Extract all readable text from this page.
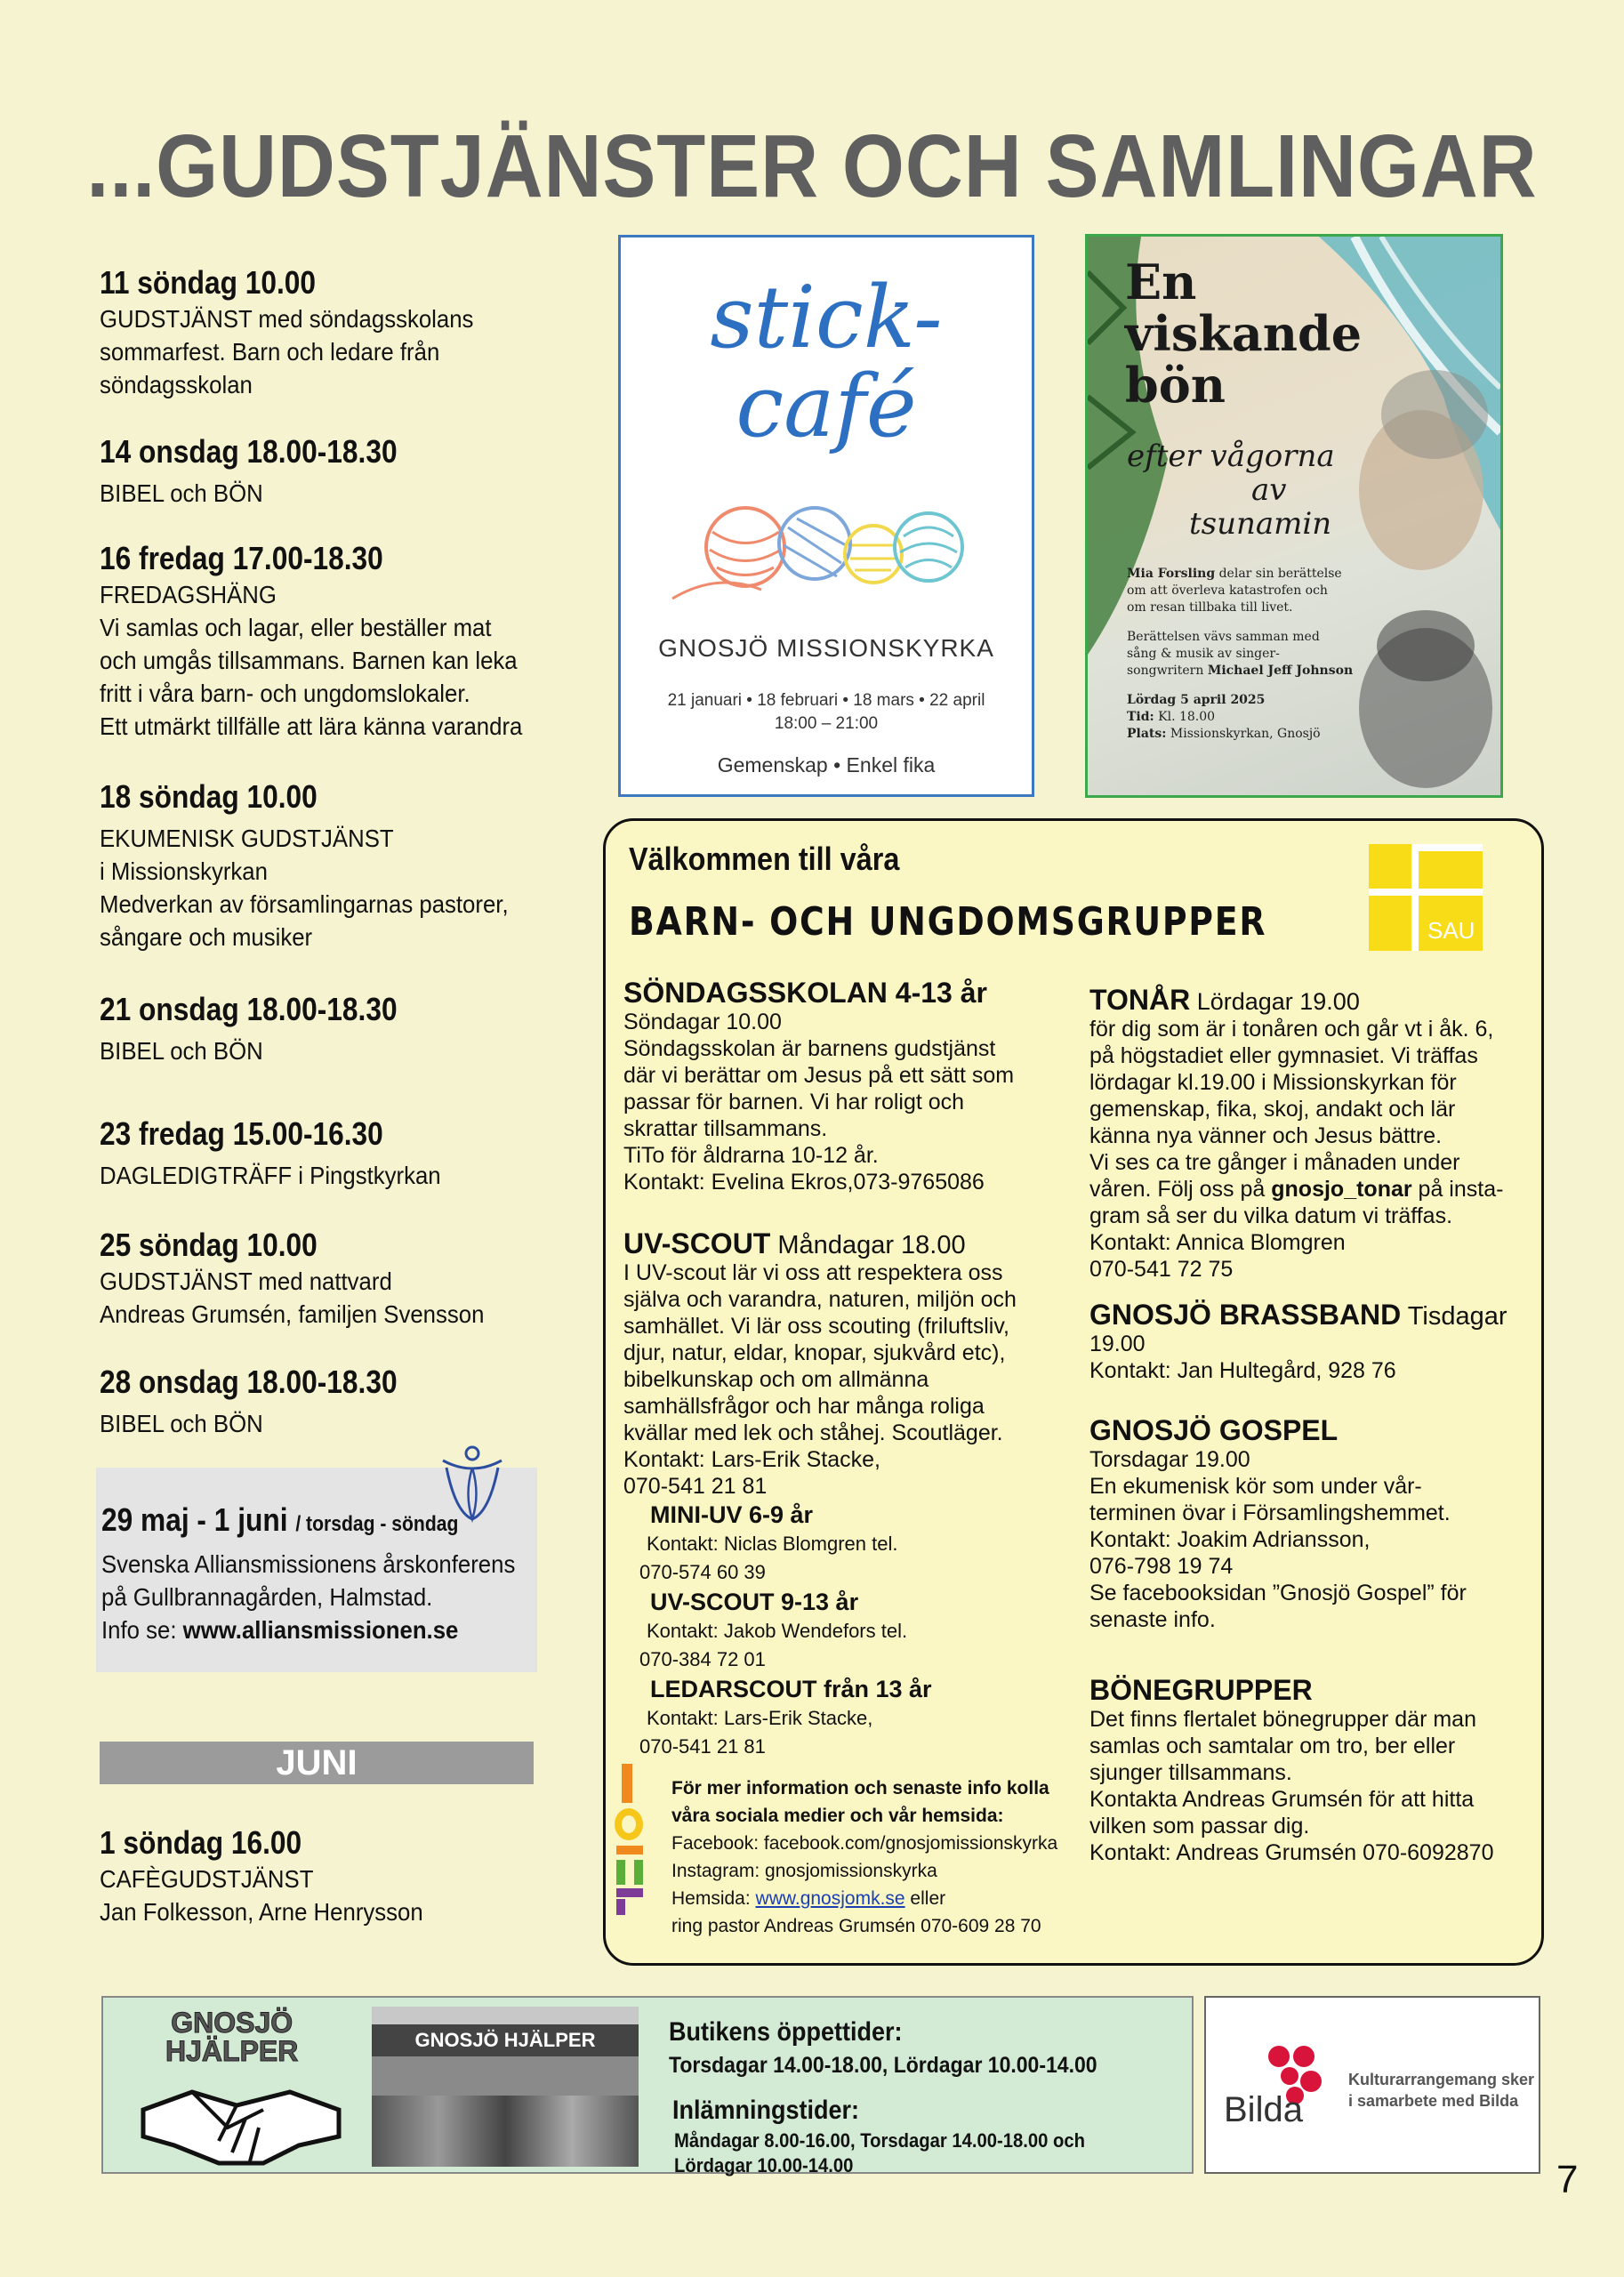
...GUDSTJÄNSTER OCH SAMLINGAR
11 söndag 10.00
GUDSTJÄNST med söndagsskolans
sommarfest. Barn och ledare från
söndagsskolan
14 onsdag 18.00-18.30
BIBEL och BÖN
16 fredag 17.00-18.30
FREDAGSHÄNG
Vi samlas och lagar, eller beställer mat
och umgås tillsammans. Barnen kan leka
fritt i våra barn- och ungdomslokaler.
Ett utmärkt tillfälle att lära känna varandra
18 söndag 10.00
EKUMENISK GUDSTJÄNST
i Missionskyrkan
Medverkan av församlingarnas pastorer,
sångare och musiker
21 onsdag 18.00-18.30
BIBEL och BÖN
23 fredag 15.00-16.30
DAGLEDIGTRÄFF i Pingstkyrkan
25 söndag 10.00
GUDSTJÄNST med nattvard
Andreas Grumsén, familjen Svensson
28 onsdag 18.00-18.30
BIBEL och BÖN
29 maj - 1 juni / torsdag - söndag
Svenska Alliansmissionens årskonferens
på Gullbrannagården, Halmstad.
Info se: www.alliansmissionen.se
JUNI
1 söndag 16.00
CAFÈGUDSTJÄNST
Jan Folkesson, Arne Henrysson
stick-
café
GNOSJÖ MISSIONSKYRKA
21 januari • 18 februari • 18 mars • 22 april
18:00 – 21:00
Gemenskap • Enkel fika
En
viskande
bön
efter vågorna
av
tsunamin
Mia Forsling delar sin berättelse
om att överleva katastrofen och
om resan tillbaka till livet.
Berättelsen vävs samman med
sång & musik av singer-
songwritern Michael Jeff Johnson
Lördag 5 april 2025
Tid: Kl. 18.00
Plats: Missionskyrkan, Gnosjö
Välkommen till våra
BARN- OCH UNGDOMSGRUPPER	SAU
SÖNDAGSSKOLAN 4-13 år
Söndagar 10.00
Söndagsskolan är barnens gudstjänst
där vi berättar om Jesus på ett sätt som
passar för barnen. Vi har roligt och
skrattar tillsammans.
TiTo för åldrarna 10-12 år.
Kontakt: Evelina Ekros,073-9765086
UV-SCOUT Måndagar 18.00
I UV-scout lär vi oss att respektera oss
själva och varandra, naturen, miljön och
samhället. Vi lär oss scouting (friluftsliv,
djur, natur, eldar, knopar, sjukvård etc),
bibelkunskap och om allmänna
samhällsfrågor och har många roliga
kvällar med lek och ståhej. Scoutläger.
Kontakt: Lars-Erik Stacke,
070-541 21 81
MINI-UV 6-9 år
Kontakt: Niclas Blomgren tel.
070-574 60 39
UV-SCOUT 9-13 år
Kontakt: Jakob Wendefors tel.
070-384 72 01
LEDARSCOUT från 13 år
Kontakt: Lars-Erik Stacke,
070-541 21 81
För mer information och senaste info kolla
våra sociala medier och vår hemsida:
Facebook: facebook.com/gnosjomissionskyrka
Instagram: gnosjomissionskyrka
Hemsida: www.gnosjomk.se eller
ring pastor Andreas Grumsén 070-609 28 70
TONÅR Lördagar 19.00
för dig som är i tonåren och går vt i åk. 6,
på högstadiet eller gymnasiet. Vi träffas
lördagar kl.19.00 i Missionskyrkan för
gemenskap, fika, skoj, andakt och lär
känna nya vänner och Jesus bättre.
Vi ses ca tre gånger i månaden under
våren. Följ oss på gnosjo_tonar på insta-
gram så ser du vilka datum vi träffas.
Kontakt: Annica Blomgren
070-541 72 75
GNOSJÖ BRASSBAND Tisdagar
19.00
Kontakt: Jan Hultegård, 928 76
GNOSJÖ GOSPEL
Torsdagar 19.00
En ekumenisk kör som under vår-
terminen övar i Församlingshemmet.
Kontakt: Joakim Adriansson,
076-798 19 74
Se facebooksidan ”Gnosjö Gospel” för
senaste info.
BÖNEGRUPPER
Det finns flertalet bönegrupper där man
samlas och samtalar om tro, ber eller
sjunger tillsammans.
Kontakta Andreas Grumsén för att hitta
vilken som passar dig.
Kontakt: Andreas Grumsén 070-6092870
GNOSJÖ
HJÄLPER	GNOSJÖ HJÄLPER	Butikens öppettider:
Torsdagar 14.00-18.00, Lördagar 10.00-14.00
Inlämningstider:
Måndagar 8.00-16.00, Torsdagar 14.00-18.00 och
Lördagar 10.00-14.00
Bilda
Kulturarrangemang sker
i samarbete med Bilda
7
